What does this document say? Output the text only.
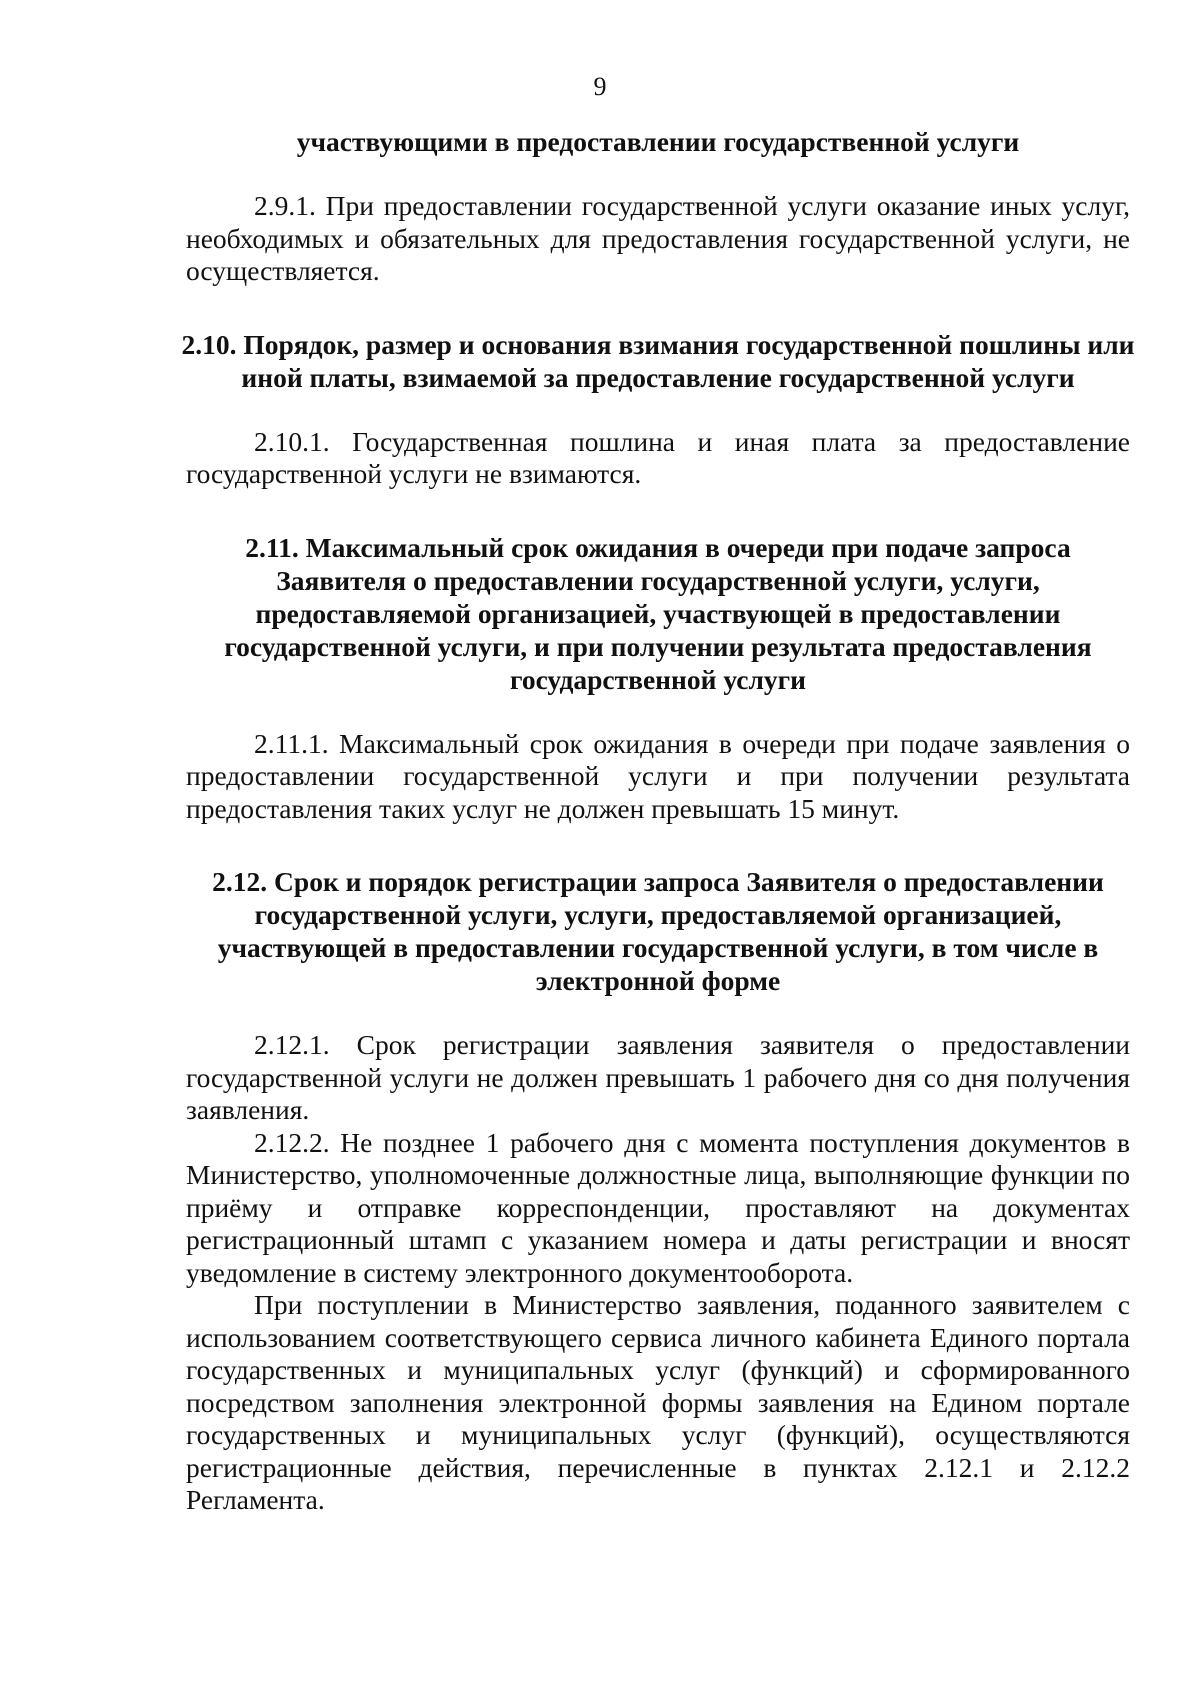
9

участвующими в предоставлении государственной услуги

2.9.1. При предоставлении государственной услуги оказание иных услуг, необходимых и обязательных для предоставления государственной услуги, не осуществляется.

2.10. Порядок, размер и основания взимания государственной пошлины или иной платы, взимаемой за предоставление государственной услуги

2.10.1. Государственная пошлина и иная плата за предоставление государственной услуги не взимаются.

2.11. Максимальный срок ожидания в очереди при подаче запроса Заявителя о предоставлении государственной услуги, услуги, предоставляемой организацией, участвующей в предоставлении государственной услуги, и при получении результата предоставления государственной услуги

2.11.1. Максимальный срок ожидания в очереди при подаче заявления о предоставлении государственной услуги и при получении результата предоставления таких услуг не должен превышать 15 минут.

2.12. Срок и порядок регистрации запроса Заявителя о предоставлении государственной услуги, услуги, предоставляемой организацией, участвующей в предоставлении государственной услуги, в том числе в электронной форме

2.12.1. Срок регистрации заявления заявителя о предоставлении государственной услуги не должен превышать 1 рабочего дня со дня получения заявления.

2.12.2. Не позднее 1 рабочего дня с момента поступления документов в Министерство, уполномоченные должностные лица, выполняющие функции по приёму и отправке корреспонденции, проставляют на документах регистрационный штамп с указанием номера и даты регистрации и вносят уведомление в систему электронного документооборота.

При поступлении в Министерство заявления, поданного заявителем с использованием соответствующего сервиса личного кабинета Единого портала государственных и муниципальных услуг (функций) и сформированного посредством заполнения электронной формы заявления на Едином портале государственных и муниципальных услуг (функций), осуществляются регистрационные действия, перечисленные в пунктах 2.12.1 и 2.12.2 Регламента.
